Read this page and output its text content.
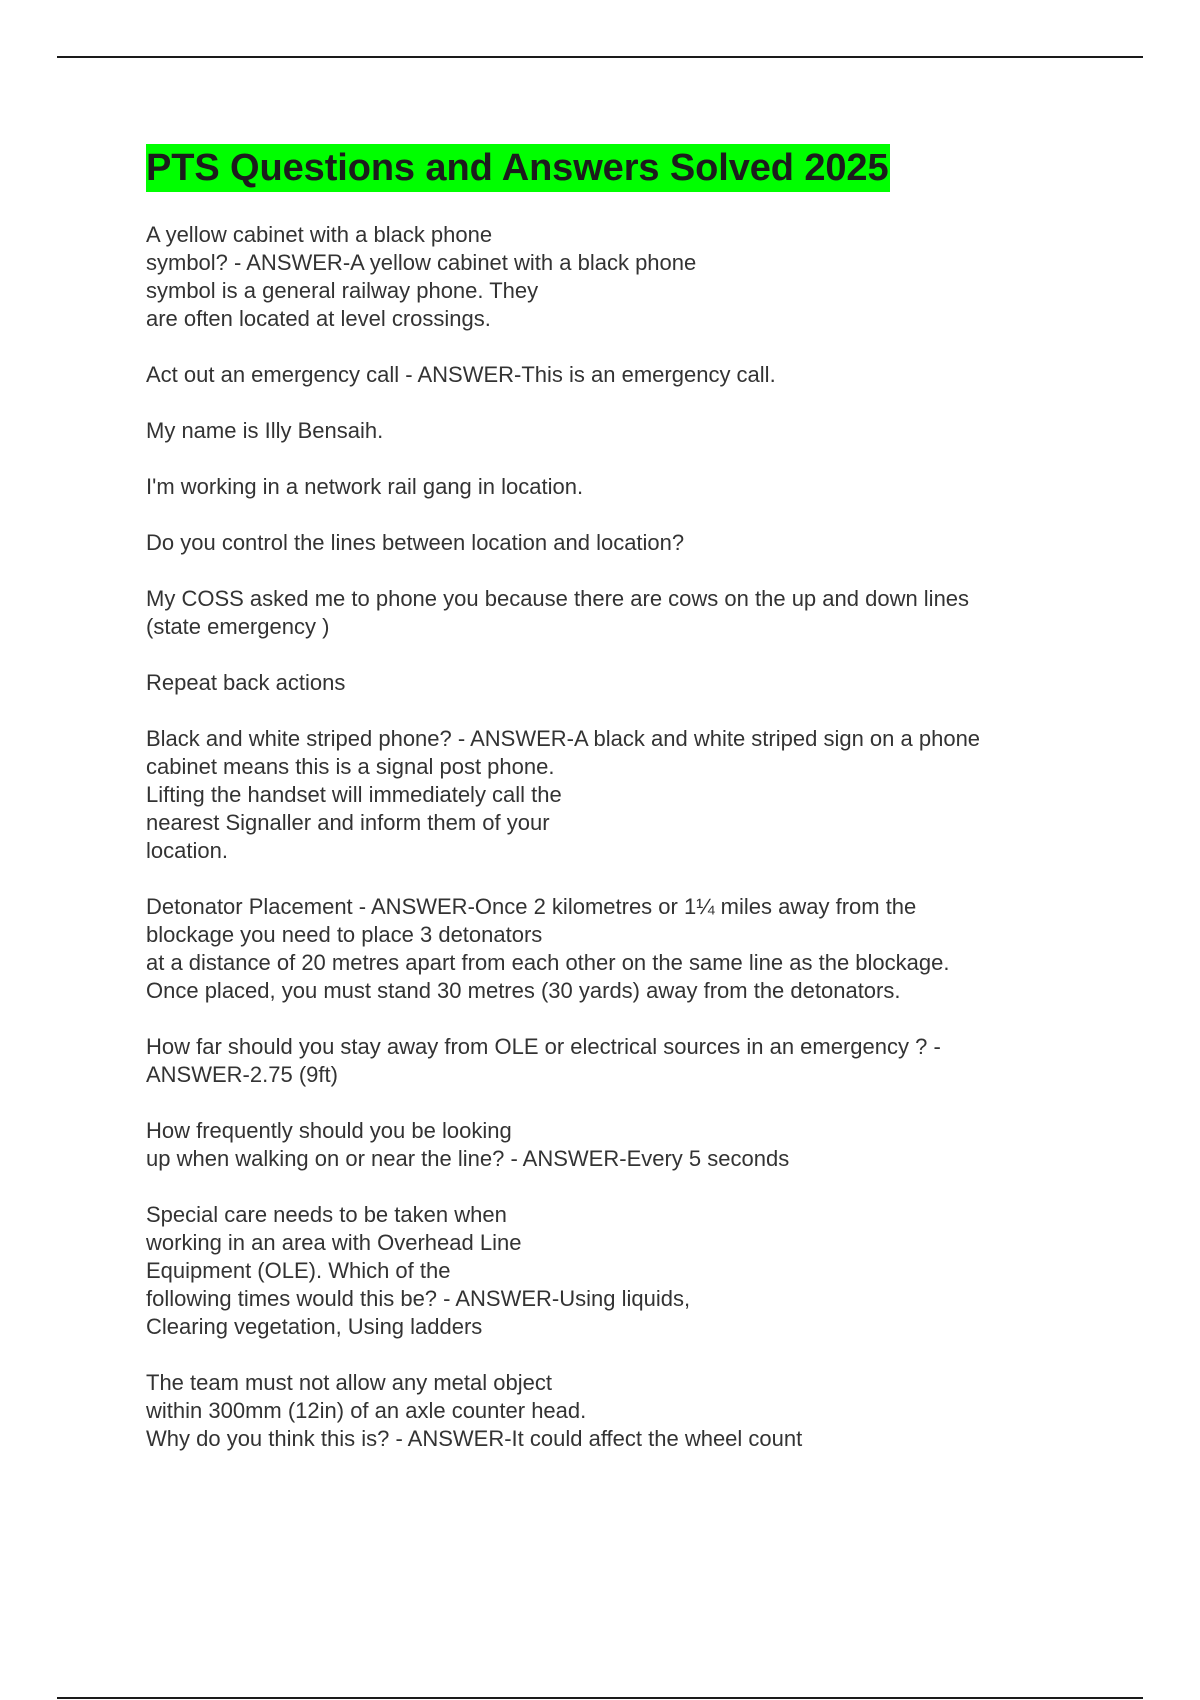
PTS Questions and Answers Solved 2025
A yellow cabinet with a black phone
symbol? - ANSWER-A yellow cabinet with a black phone
symbol is a general railway phone. They
are often located at level crossings.
Act out an emergency call - ANSWER-This is an emergency call.
My name is Illy Bensaih.
I'm working in a network rail gang in location.
Do you control the lines between location and location?
My COSS asked me to phone you because there are cows on the up and down lines
(state emergency )
Repeat back actions
Black and white striped phone? - ANSWER-A black and white striped sign on a phone
cabinet means this is a signal post phone.
Lifting the handset will immediately call the
nearest Signaller and inform them of your
location.
Detonator Placement - ANSWER-Once 2 kilometres or 1¼ miles away from the
blockage you need to place 3 detonators
at a distance of 20 metres apart from each other on the same line as the blockage.
Once placed, you must stand 30 metres (30 yards) away from the detonators.
How far should you stay away from OLE or electrical sources in an emergency ? -
ANSWER-2.75 (9ft)
How frequently should you be looking
up when walking on or near the line? - ANSWER-Every 5 seconds
Special care needs to be taken when
working in an area with Overhead Line
Equipment (OLE). Which of the
following times would this be? - ANSWER-Using liquids,
Clearing vegetation, Using ladders
The team must not allow any metal object
within 300mm (12in) of an axle counter head.
Why do you think this is? - ANSWER-It could affect the wheel count
